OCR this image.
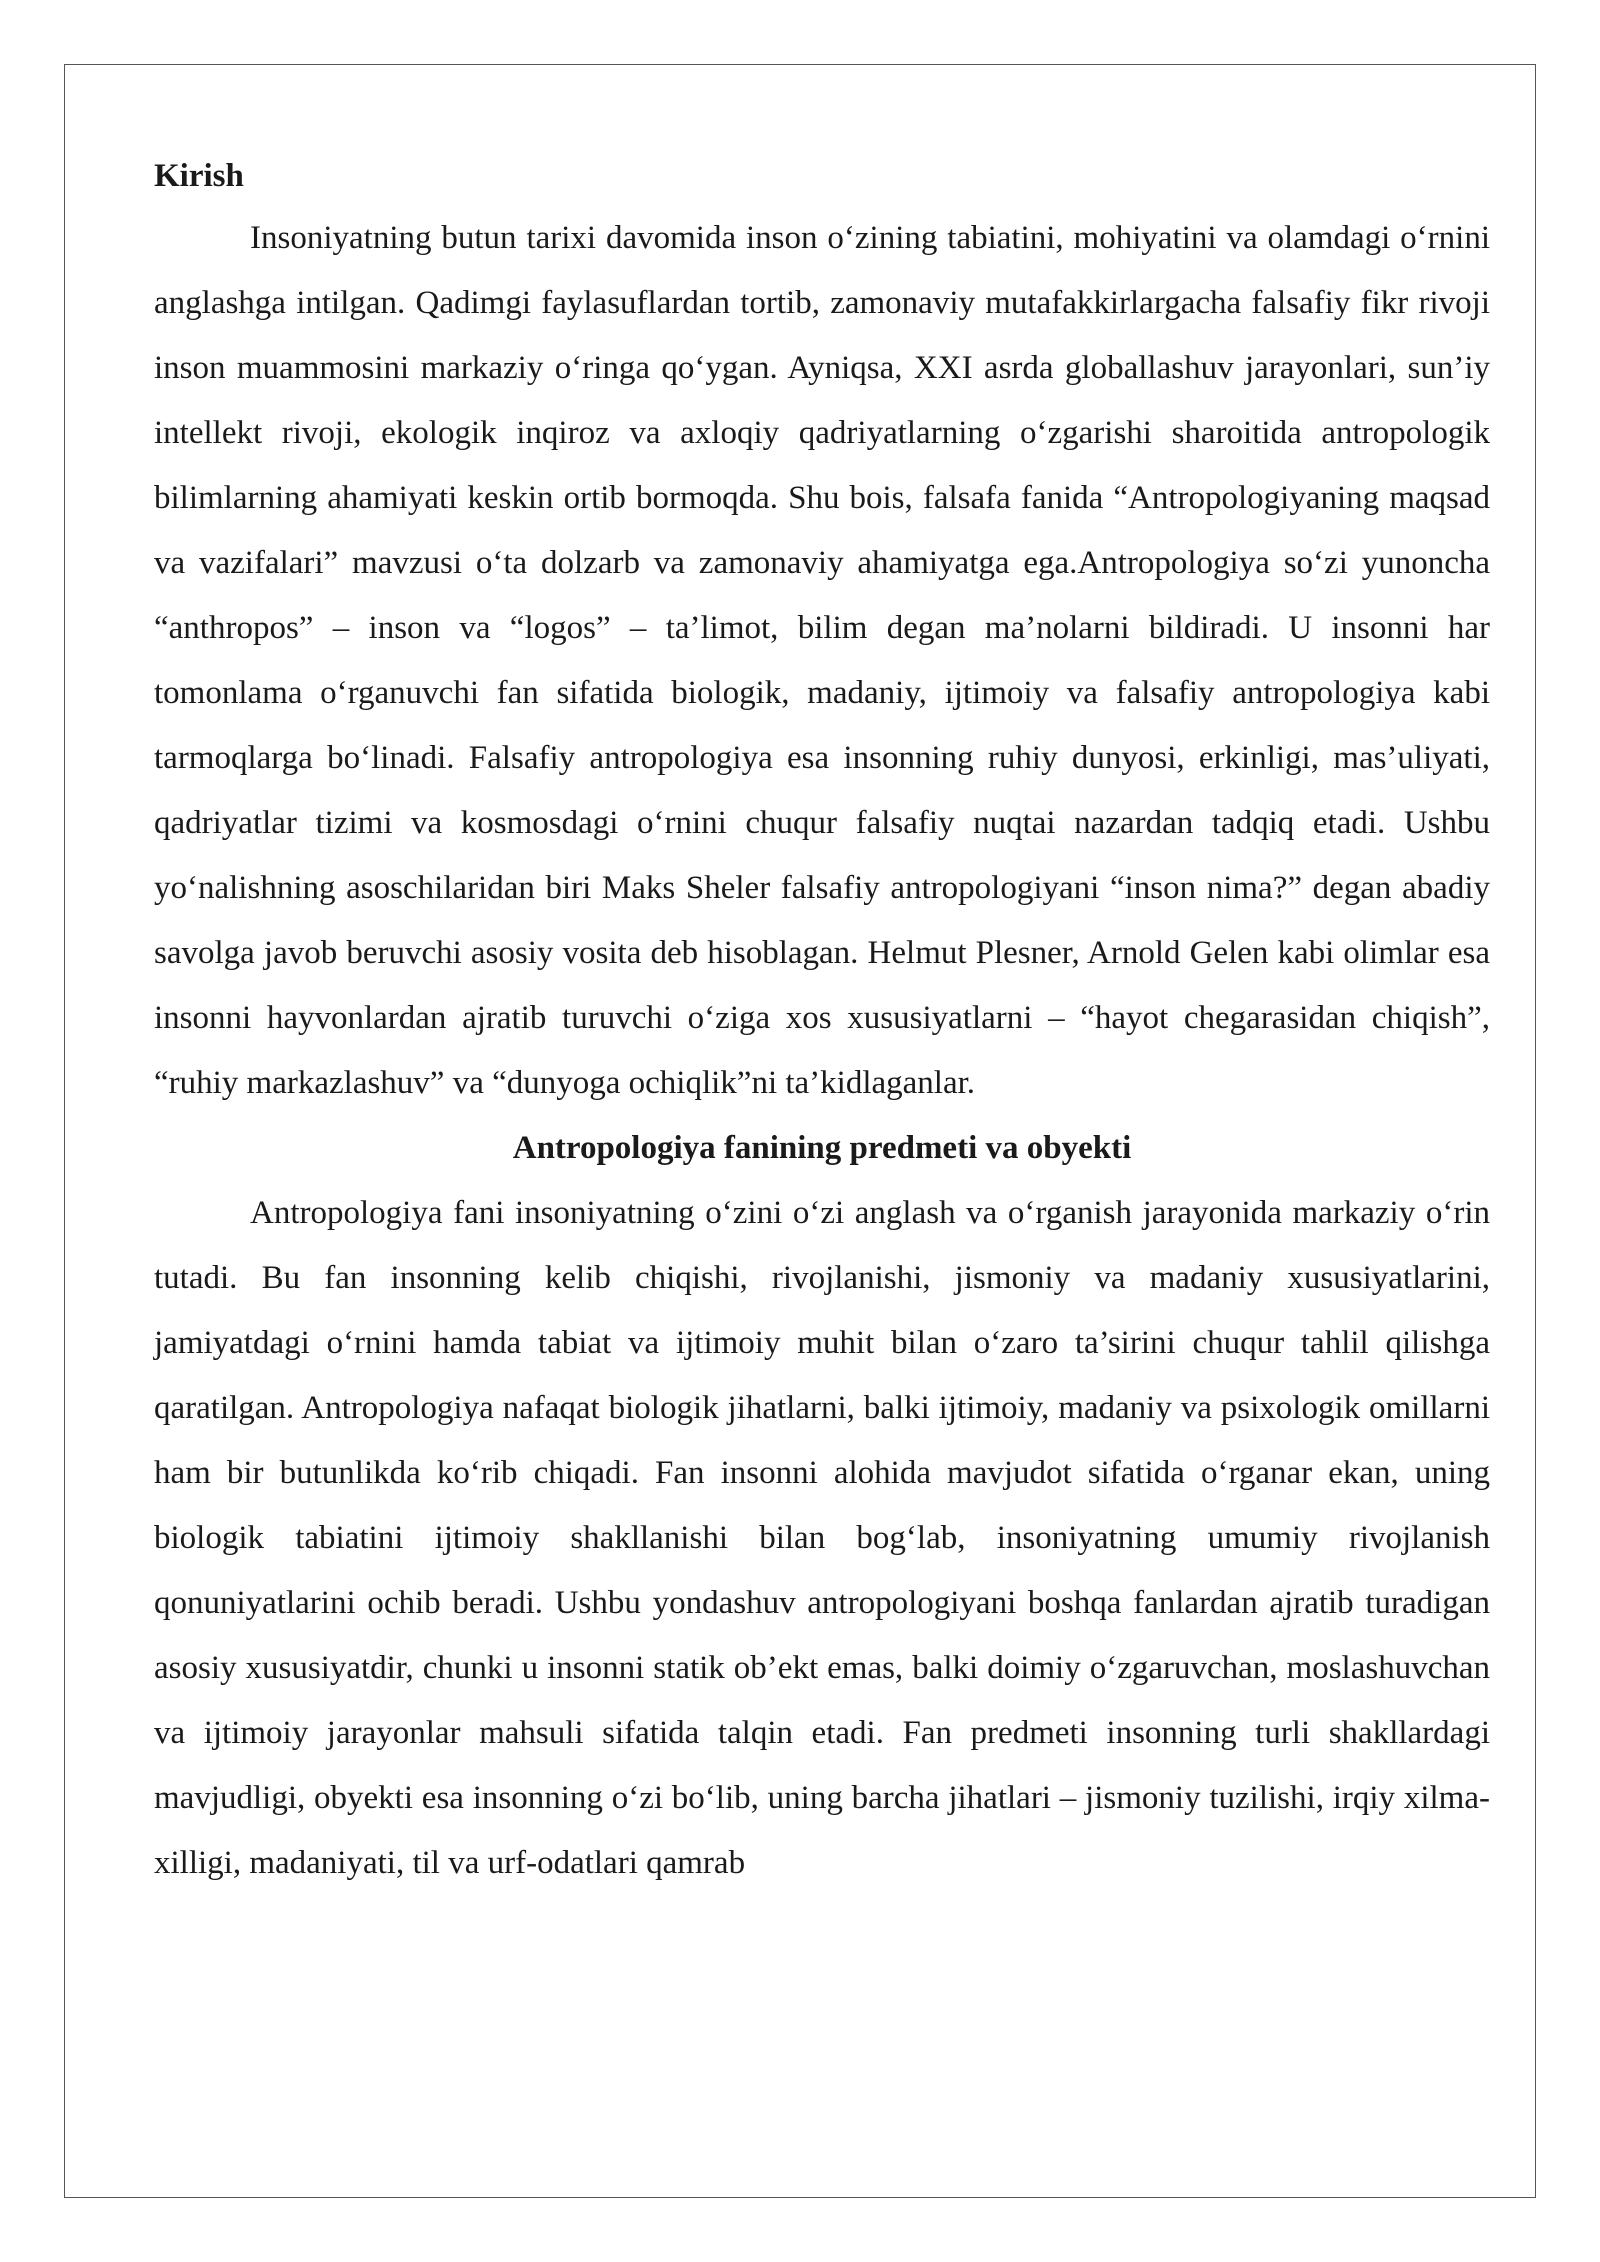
Kirish

Insoniyatning butun tarixi davomida inson o‘zining tabiatini, mohiyatini va olamdagi o‘rnini anglashga intilgan. Qadimgi faylasuflardan tortib, zamonaviy mutafakkirlargacha falsafiy fikr rivoji inson muammosini markaziy o‘ringa qo‘ygan. Ayniqsa, XXI asrda globallashuv jarayonlari, sun’iy intellekt rivoji, ekologik inqiroz va axloqiy qadriyatlarning o‘zgarishi sharoitida antropologik bilimlarning ahamiyati keskin ortib bormoqda. Shu bois, falsafa fanida “Antropologiyaning maqsad va vazifalari” mavzusi o‘ta dolzarb va zamonaviy ahamiyatga ega.Antropologiya so‘zi yunoncha “anthropos” – inson va “logos” – ta’limot, bilim degan ma’nolarni bildiradi. U insonni har tomonlama o‘rganuvchi fan sifatida biologik, madaniy, ijtimoiy va falsafiy antropologiya kabi tarmoqlarga bo‘linadi. Falsafiy antropologiya esa insonning ruhiy dunyosi, erkinligi, mas’uliyati, qadriyatlar tizimi va kosmosdagi o‘rnini chuqur falsafiy nuqtai nazardan tadqiq etadi. Ushbu yo‘nalishning asoschilaridan biri Maks Sheler falsafiy antropologiyani “inson nima?” degan abadiy savolga javob beruvchi asosiy vosita deb hisoblagan. Helmut Plesner, Arnold Gelen kabi olimlar esa insonni hayvonlardan ajratib turuvchi o‘ziga xos xususiyatlarni – “hayot chegarasidan chiqish”, “ruhiy markazlashuv” va “dunyoga ochiqlik”ni ta’kidlaganlar.

Antropologiya fanining predmeti va obyekti

Antropologiya fani insoniyatning o‘zini o‘zi anglash va o‘rganish jarayonida markaziy o‘rin tutadi. Bu fan insonning kelib chiqishi, rivojlanishi, jismoniy va madaniy xususiyatlarini, jamiyatdagi o‘rnini hamda tabiat va ijtimoiy muhit bilan o‘zaro ta’sirini chuqur tahlil qilishga qaratilgan. Antropologiya nafaqat biologik jihatlarni, balki ijtimoiy, madaniy va psixologik omillarni ham bir butunlikda ko‘rib chiqadi. Fan insonni alohida mavjudot sifatida o‘rganar ekan, uning biologik tabiatini ijtimoiy shakllanishi bilan bog‘lab, insoniyatning umumiy rivojlanish qonuniyatlarini ochib beradi. Ushbu yondashuv antropologiyani boshqa fanlardan ajratib turadigan asosiy xususiyatdir, chunki u insonni statik ob’ekt emas, balki doimiy o‘zgaruvchan, moslashuvchan va ijtimoiy jarayonlar mahsuli sifatida talqin etadi. Fan predmeti insonning turli shakllardagi mavjudligi, obyekti esa insonning o‘zi bo‘lib, uning barcha jihatlari – jismoniy tuzilishi, irqiy xilma-xilligi, madaniyati, til va urf-odatlari qamrab
